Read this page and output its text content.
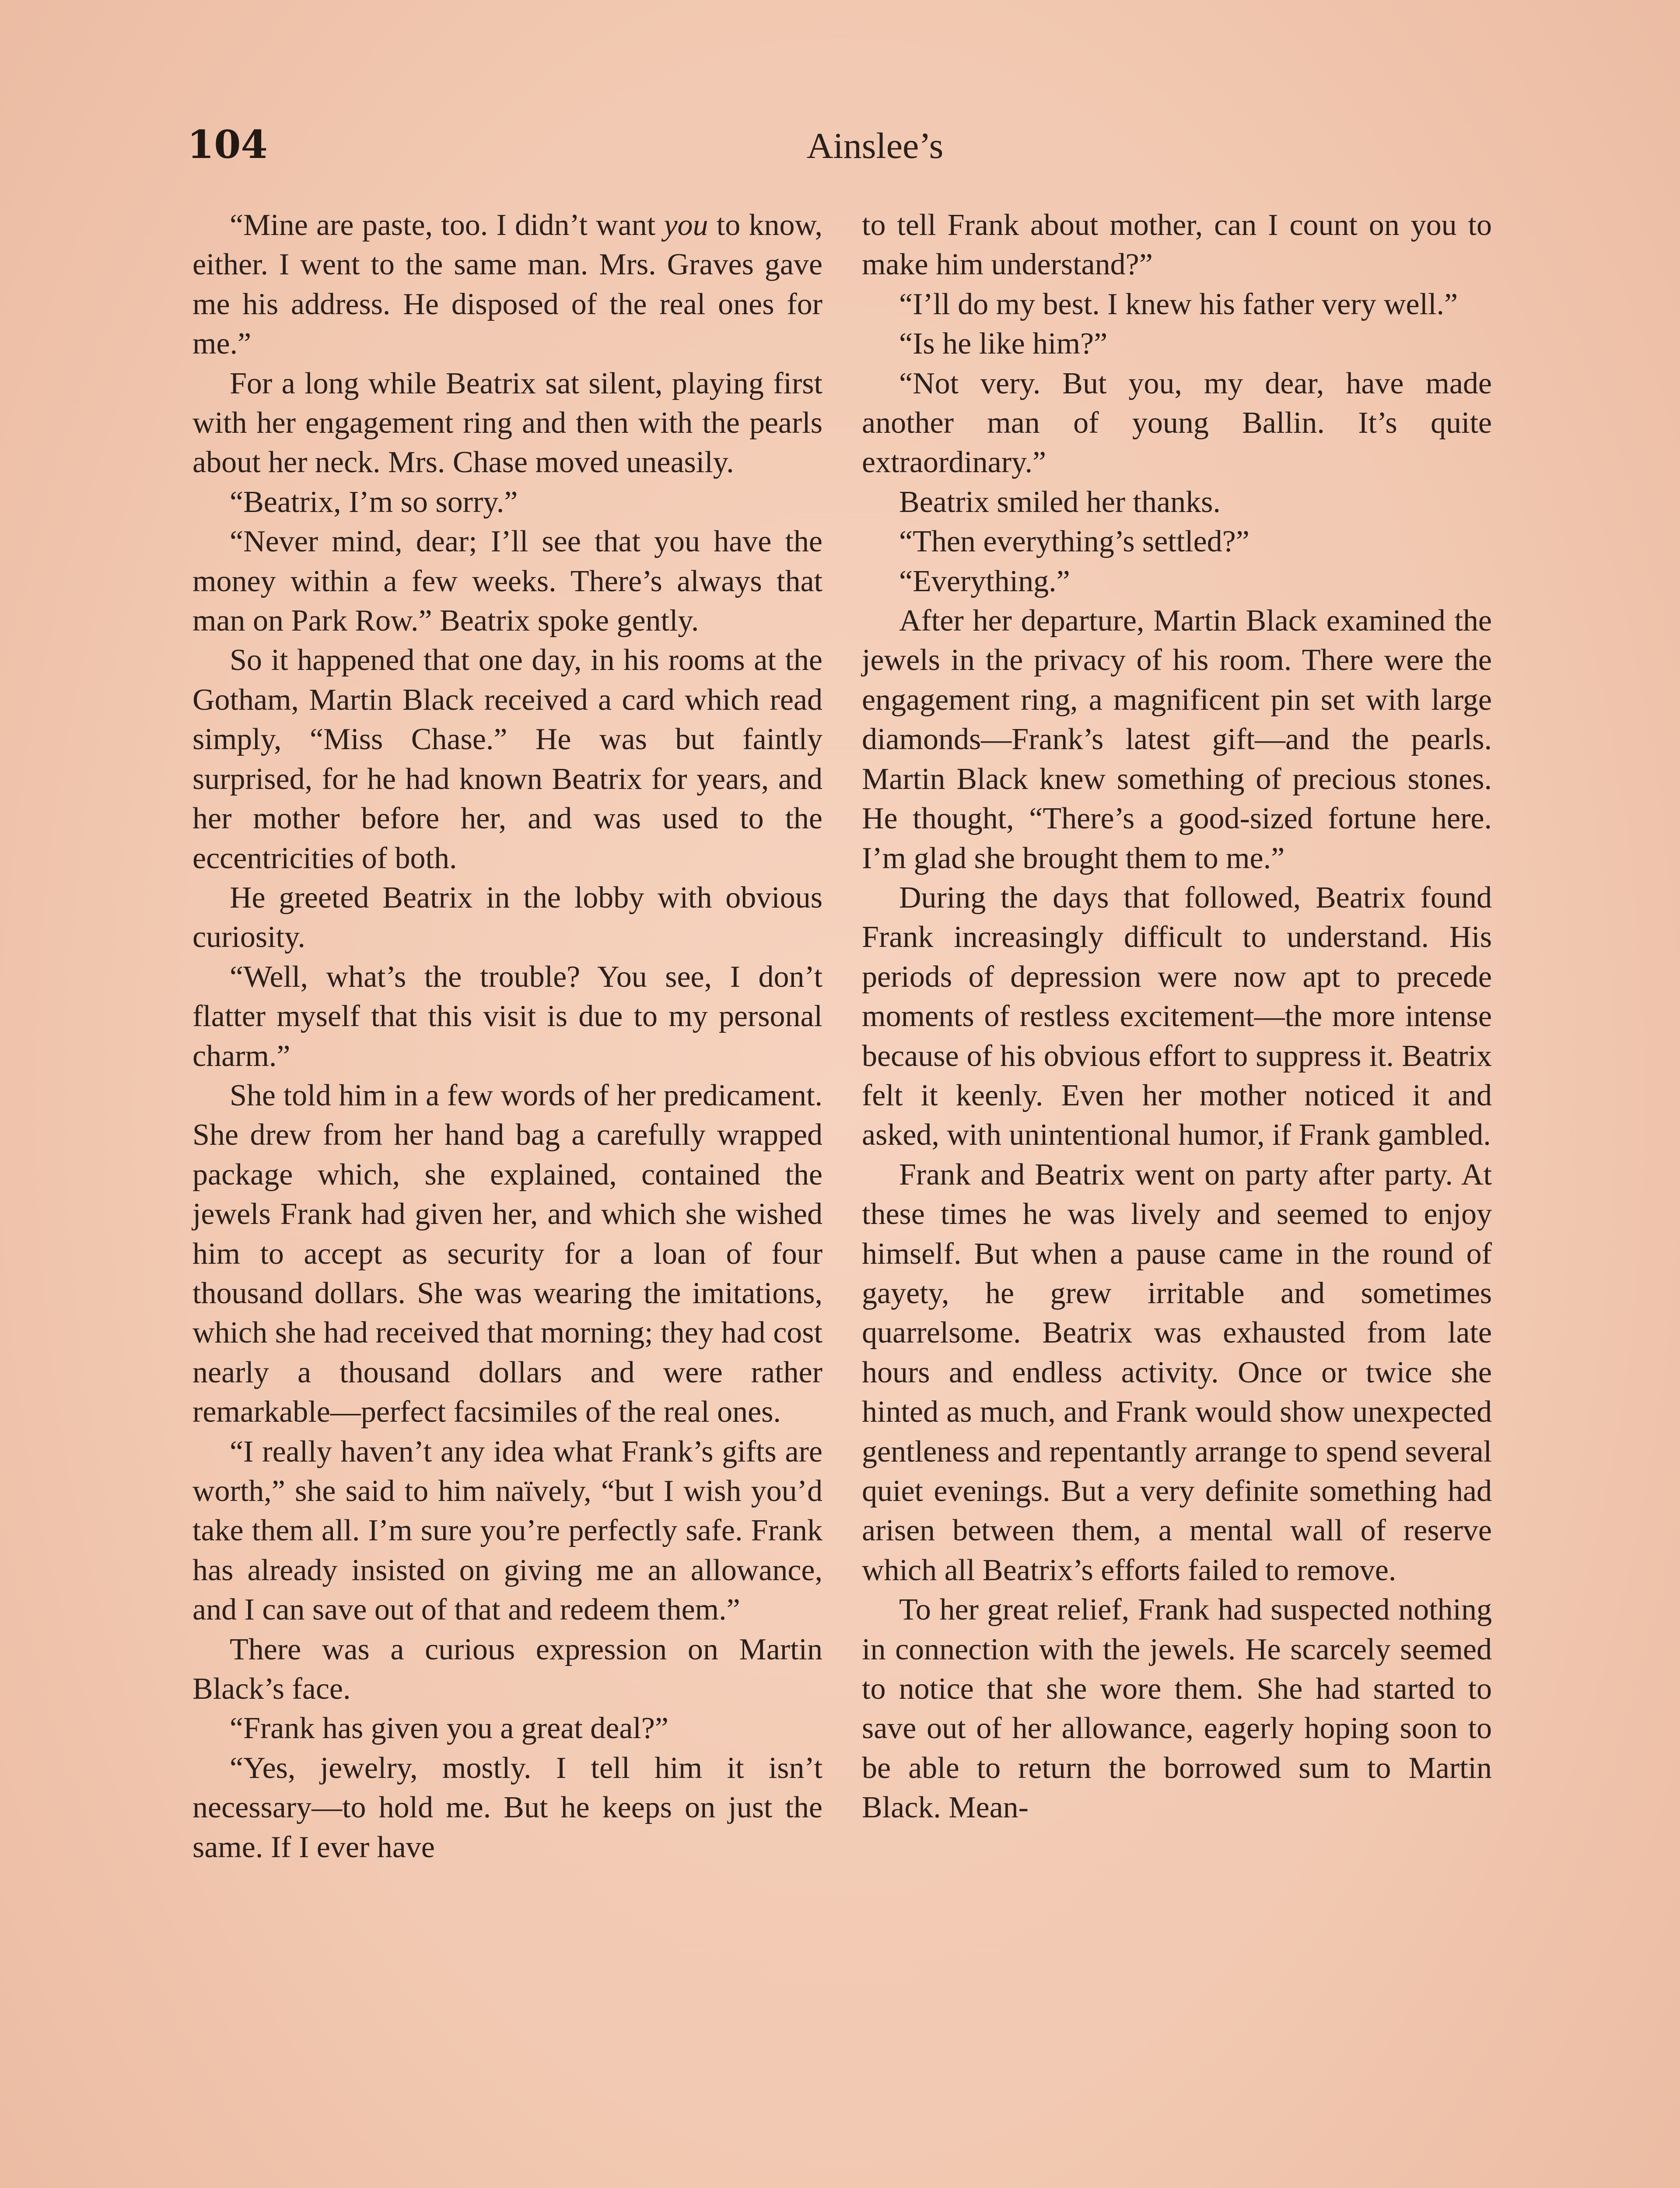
104	Ainslee’s

“Mine are paste, too. I didn’t want you to know, either. I went to the same man. Mrs. Graves gave me his address. He disposed of the real ones for me.”

For a long while Beatrix sat silent, playing first with her engagement ring and then with the pearls about her neck. Mrs. Chase moved uneasily.

“Beatrix, I’m so sorry.”

“Never mind, dear; I’ll see that you have the money within a few weeks. There’s always that man on Park Row.” Beatrix spoke gently.

So it happened that one day, in his rooms at the Gotham, Martin Black received a card which read simply, “Miss Chase.” He was but faintly surprised, for he had known Beatrix for years, and her mother before her, and was used to the eccentricities of both.

He greeted Beatrix in the lobby with obvious curiosity.

“Well, what’s the trouble? You see, I don’t flatter myself that this visit is due to my personal charm.”

She told him in a few words of her predicament. She drew from her hand bag a carefully wrapped package which, she explained, contained the jewels Frank had given her, and which she wished him to accept as security for a loan of four thousand dollars. She was wearing the imitations, which she had received that morning; they had cost nearly a thousand dollars and were rather remarkable—perfect facsimiles of the real ones.

“I really haven’t any idea what Frank’s gifts are worth,” she said to him naïvely, “but I wish you’d take them all. I’m sure you’re perfectly safe. Frank has already insisted on giving me an allowance, and I can save out of that and redeem them.”

There was a curious expression on Martin Black’s face.

“Frank has given you a great deal?”

“Yes, jewelry, mostly. I tell him it isn’t necessary—to hold me. But he keeps on just the same. If I ever have

to tell Frank about mother, can I count on you to make him understand?”

“I’ll do my best. I knew his father very well.”

“Is he like him?”

“Not very. But you, my dear, have made another man of young Ballin. It’s quite extraordinary.”

Beatrix smiled her thanks.

“Then everything’s settled?”

“Everything.”

After her departure, Martin Black examined the jewels in the privacy of his room. There were the engagement ring, a magnificent pin set with large diamonds—Frank’s latest gift—and the pearls. Martin Black knew something of precious stones. He thought, “There’s a good-sized fortune here. I’m glad she brought them to me.”

During the days that followed, Beatrix found Frank increasingly difficult to understand. His periods of depression were now apt to precede moments of restless excitement—the more intense because of his obvious effort to suppress it. Beatrix felt it keenly. Even her mother noticed it and asked, with unintentional humor, if Frank gambled.

Frank and Beatrix went on party after party. At these times he was lively and seemed to enjoy himself. But when a pause came in the round of gayety, he grew irritable and sometimes quarrelsome. Beatrix was exhausted from late hours and endless activity. Once or twice she hinted as much, and Frank would show unexpected gentleness and repentantly arrange to spend several quiet evenings. But a very definite something had arisen between them, a mental wall of reserve which all Beatrix’s efforts failed to remove.

To her great relief, Frank had suspected nothing in connection with the jewels. He scarcely seemed to notice that she wore them. She had started to save out of her allowance, eagerly hoping soon to be able to return the borrowed sum to Martin Black. Mean-
